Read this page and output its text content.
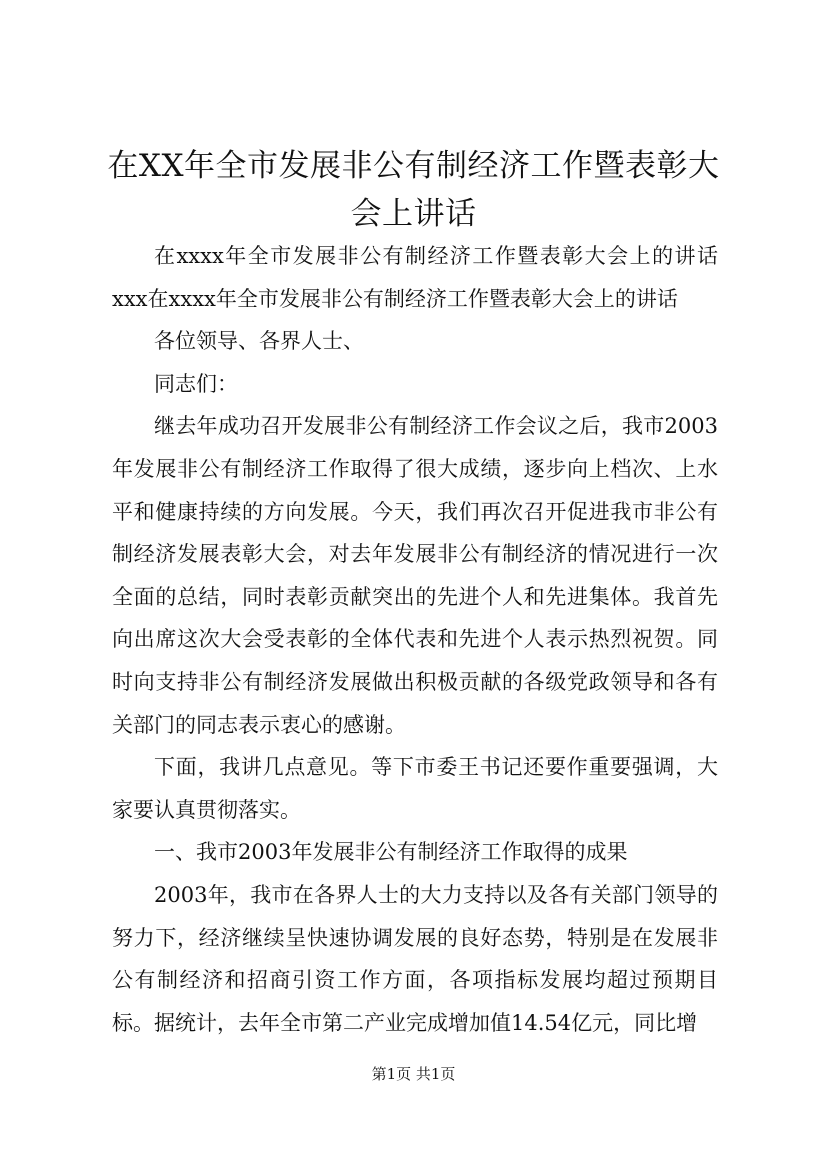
在XX年全市发展非公有制经济工作暨表彰大会上讲话

在xxxx年全市发展非公有制经济工作暨表彰大会上的讲话xxx在xxxx年全市发展非公有制经济工作暨表彰大会上的讲话

各位领导、各界人士、

同志们：

继去年成功召开发展非公有制经济工作会议之后，我市2003年发展非公有制经济工作取得了很大成绩，逐步向上档次、上水平和健康持续的方向发展。今天，我们再次召开促进我市非公有制经济发展表彰大会，对去年发展非公有制经济的情况进行一次全面的总结，同时表彰贡献突出的先进个人和先进集体。我首先向出席这次大会受表彰的全体代表和先进个人表示热烈祝贺。同时向支持非公有制经济发展做出积极贡献的各级党政领导和各有关部门的同志表示衷心的感谢。

下面，我讲几点意见。等下市委王书记还要作重要强调，大家要认真贯彻落实。

一、我市2003年发展非公有制经济工作取得的成果

2003年，我市在各界人士的大力支持以及各有关部门领导的努力下，经济继续呈快速协调发展的良好态势，特别是在发展非公有制经济和招商引资工作方面，各项指标发展均超过预期目标。据统计，去年全市第二产业完成增加值14.54亿元，同比增

第1页 共1页
